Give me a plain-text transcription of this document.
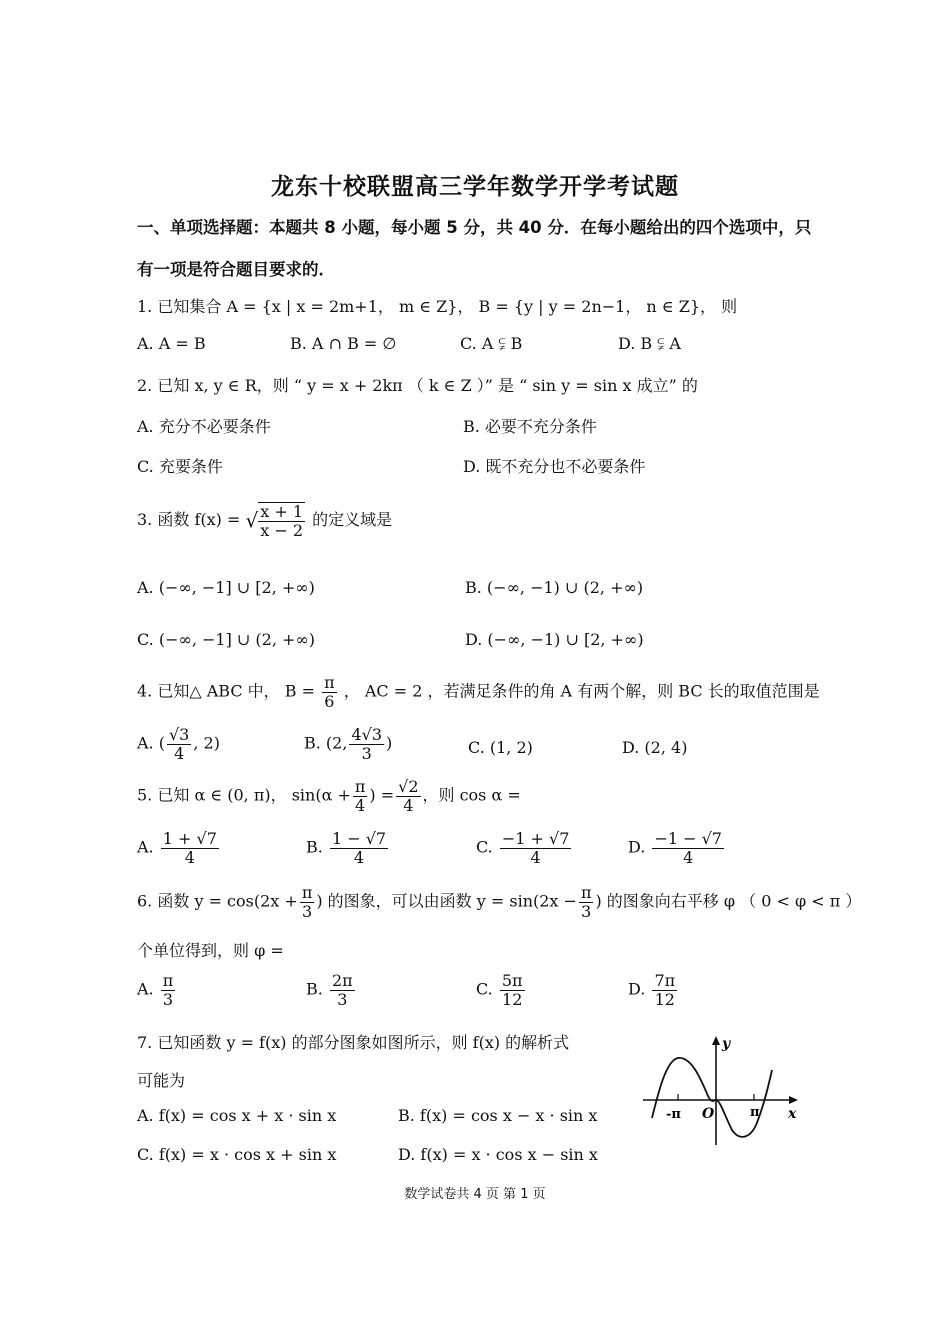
龙东十校联盟高三学年数学开学考试题
一、单项选择题：本题共 8 小题，每小题 5 分，共 40 分．在每小题给出的四个选项中，只
有一项是符合题目要求的．
1. 已知集合 A = {x | x = 2m+1， m ∈ Z}， B = {y | y = 2n−1， n ∈ Z}， 则
A. A = B	B. A ∩ B = ∅	C. A ⫋ B	D. B ⫋ A
2. 已知 x, y ∈ R，则 “ y = x + 2kπ （ k ∈ Z ）” 是 “ sin y = sin x 成立” 的
A. 充分不必要条件	B. 必要不充分条件
C. 充要条件	D. 既不充分也不必要条件
3. 函数 f(x) = √ $\frac{x + 1}{x - 2}$ 的定义域是
A. (−∞, −1] ∪ [2, +∞)	B. (−∞, −1) ∪ (2, +∞)
C. (−∞, −1] ∪ (2, +∞)	D. (−∞, −1) ∪ [2, +∞)
4. 已知△ ABC 中， $B = \frac{\pi}{6}$ ， AC = 2 ，若满足条件的角 A 有两个解，则 BC 长的取值范围是
A. ( $\frac{√3}{4}$ , 2)	B. (2, $\frac{4√3}{3}$ )	C. (1, 2)	D. (2, 4)
5. 已知 α ∈ (0, π)， $\sin(\alpha + \frac{\pi}{4}$ ) = $\frac{√2}{4}$ ，则 cos α =
A. $\frac{1 + √7}{4}$	B. $\frac{1 - √7}{4}$	C. $\frac{-1 + √7}{4}$	D. $\frac{-1 - √7}{4}$
6. 函数 $y = \cos(2x + \frac{\pi}{3}$ ) 的图象，可以由函数 $y = \sin(2x - \frac{\pi}{3}$ ) 的图象向右平移 φ （ 0 < φ < π ）
个单位得到，则 φ =
A. $\frac{\pi}{3}$	B. $\frac{2\pi}{3}$	C. $\frac{5\pi}{12}$	D. $\frac{7\pi}{12}$
7. 已知函数 y = f(x) 的部分图象如图所示，则 f(x) 的解析式
可能为
A. f(x) = cos x + x · sin x	B. f(x) = cos x − x · sin x
C. f(x) = x · cos x + sin x	D. f(x) = x · cos x − sin x
y
x
O
-π	π
数学试卷共 4 页 第 1 页
